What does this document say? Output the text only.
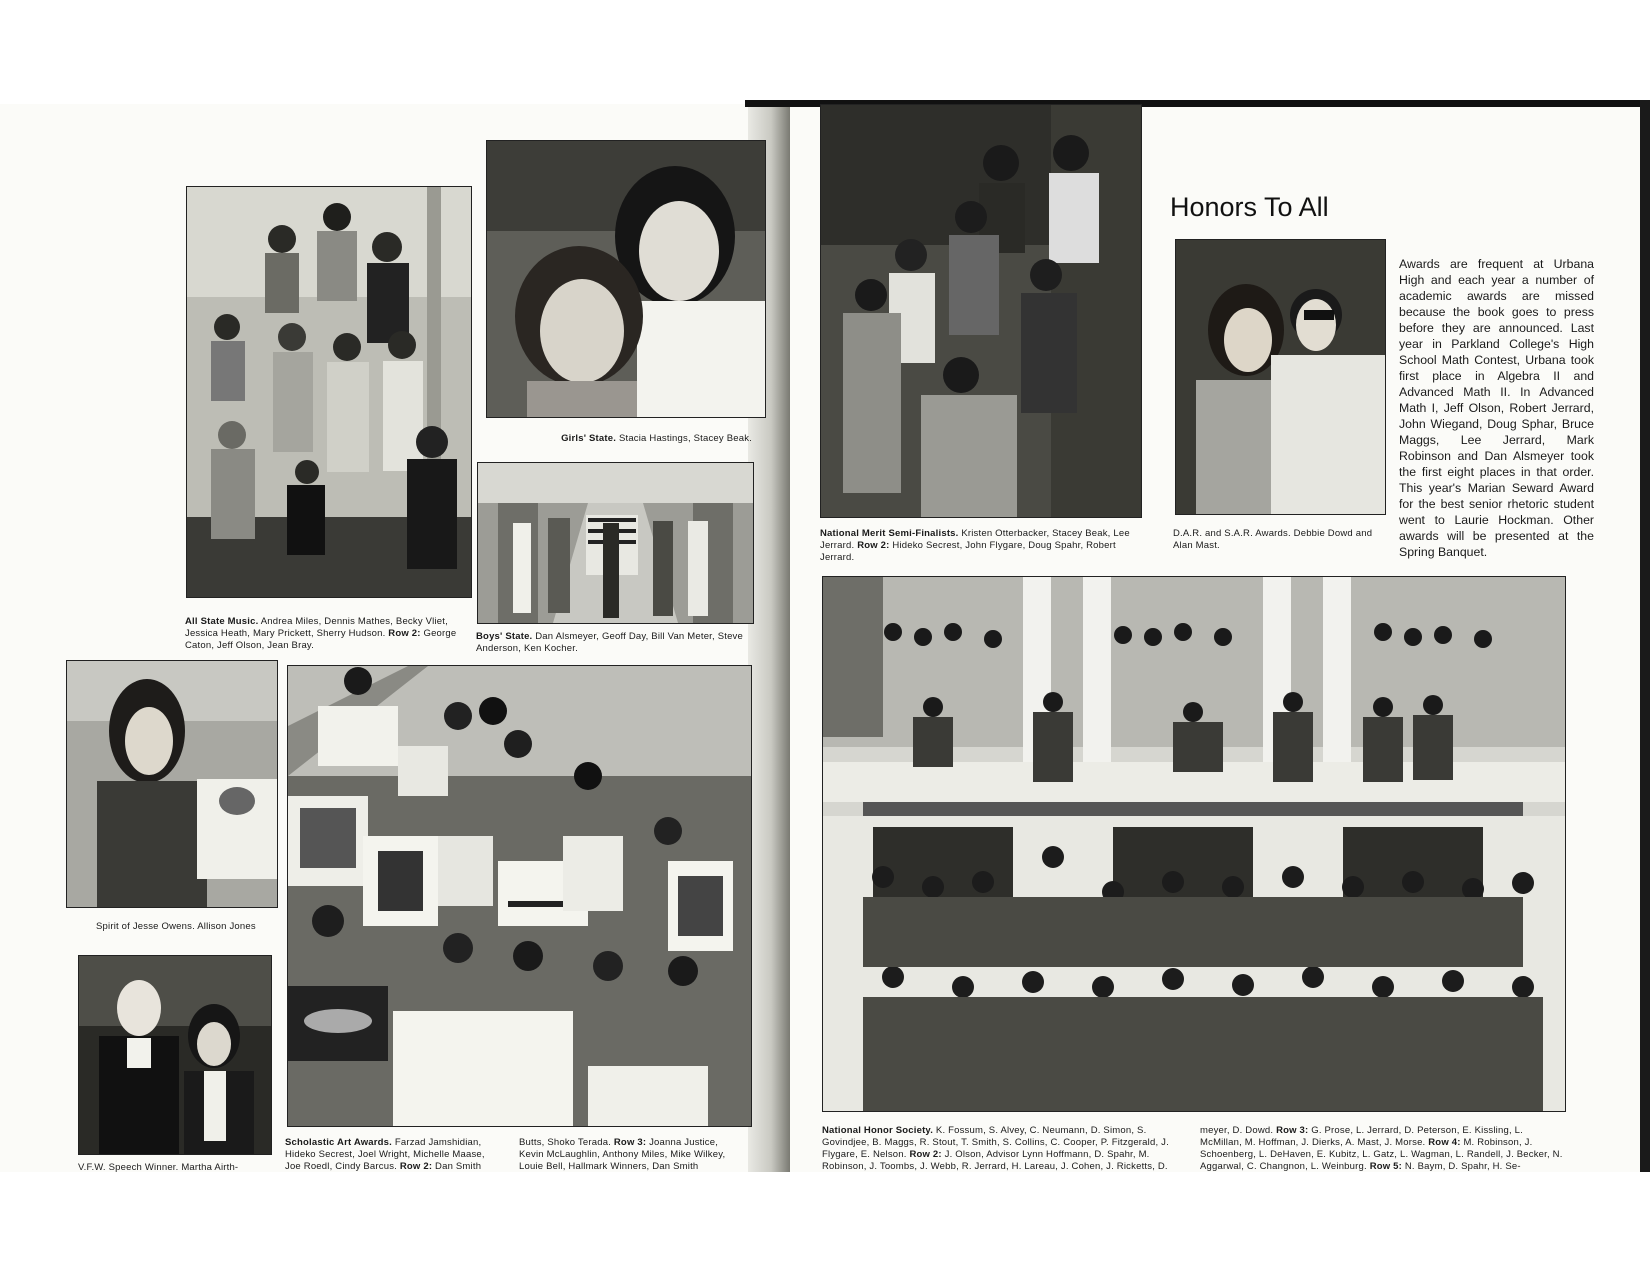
All State Music. Andrea Miles, Dennis Mathes, Becky Vliet, Jessica Heath, Mary Prickett, Sherry Hudson. Row 2: George Caton, Jeff Olson, Jean Bray.
Girls' State. Stacia Hastings, Stacey Beak.
Boys' State. Dan Alsmeyer, Geoff Day, Bill Van Meter, Steve Anderson, Ken Kocher.
Spirit of Jesse Owens. Allison Jones
V.F.W. Speech Winner. Martha Airth-
Scholastic Art Awards. Farzad Jamshidian, Hideko Secrest, Joel Wright, Michelle Maase, Joe Roedl, Cindy Barcus. Row 2: Dan Smith
Butts, Shoko Terada. Row 3: Joanna Justice, Kevin McLaughlin, Anthony Miles, Mike Wilkey, Louie Bell, Hallmark Winners, Dan Smith
Honors To All
Awards are frequent at Urbana High and each year a number of academic awards are missed because the book goes to press before they are announced. Last year in Parkland College's High School Math Contest, Urbana took first place in Algebra II and Advanced Math II. In Advanced Math I, Jeff Olson, Robert Jerrard, John Wiegand, Doug Sphar, Bruce Maggs, Lee Jerrard, Mark Robinson and Dan Alsmeyer took the first eight places in that order. This year's Marian Seward Award for the best senior rhetoric student went to Laurie Hockman. Other awards will be presented at the Spring Banquet.
National Merit Semi-Finalists. Kristen Otterbacker, Stacey Beak, Lee Jerrard. Row 2: Hideko Secrest, John Flygare, Doug Spahr, Robert Jerrard.
D.A.R. and S.A.R. Awards. Debbie Dowd and Alan Mast.
National Honor Society. K. Fossum, S. Alvey, C. Neumann, D. Simon, S. Govindjee, B. Maggs, R. Stout, T. Smith, S. Collins, C. Cooper, P. Fitzgerald, J. Flygare, E. Nelson. Row 2: J. Olson, Advisor Lynn Hoffmann, D. Spahr, M. Robinson, J. Toombs, J. Webb, R. Jerrard, H. Lareau, J. Cohen, J. Ricketts, D.
meyer, D. Dowd. Row 3: G. Prose, L. Jerrard, D. Peterson, E. Kissling, L. McMillan, M. Hoffman, J. Dierks, A. Mast, J. Morse. Row 4: M. Robinson, J. Schoenberg, L. DeHaven, E. Kubitz, L. Gatz, L. Wagman, L. Randell, J. Becker, N. Aggarwal, C. Changnon, L. Weinburg. Row 5: N. Baym, D. Spahr, H. Se-
